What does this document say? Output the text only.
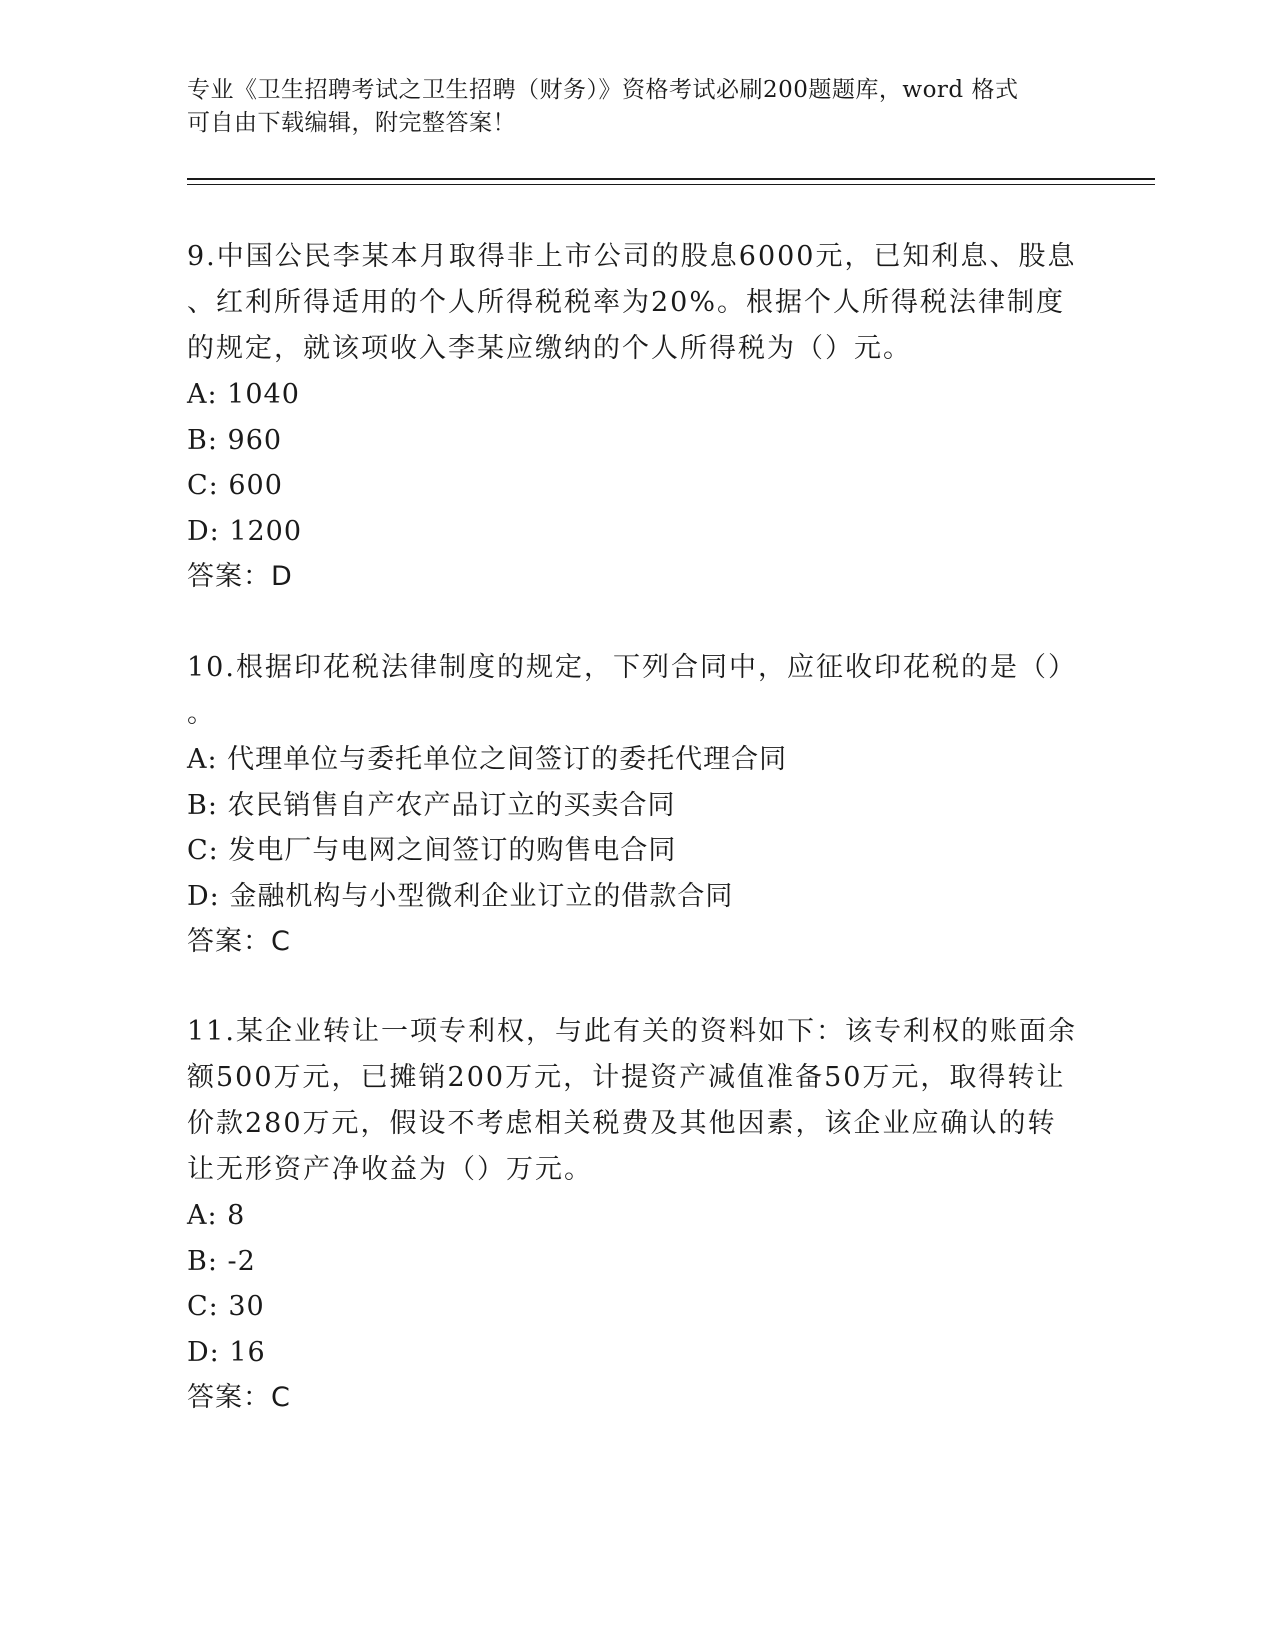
专业《卫生招聘考试之卫生招聘（财务）》资格考试必刷200题题库，word 格式
可自由下载编辑，附完整答案！

9.中国公民李某本月取得非上市公司的股息6000元，已知利息、股息

、红利所得适用的个人所得税税率为20%。根据个人所得税法律制度

的规定，就该项收入李某应缴纳的个人所得税为（）元。

A: 1040

B: 960

C: 600

D: 1200

答案：D

10.根据印花税法律制度的规定，下列合同中，应征收印花税的是（）

。

A: 代理单位与委托单位之间签订的委托代理合同

B: 农民销售自产农产品订立的买卖合同

C: 发电厂与电网之间签订的购售电合同

D: 金融机构与小型微利企业订立的借款合同

答案：C

11.某企业转让一项专利权，与此有关的资料如下：该专利权的账面余

额500万元，已摊销200万元，计提资产减值准备50万元，取得转让

价款280万元，假设不考虑相关税费及其他因素，该企业应确认的转

让无形资产净收益为（）万元。

A: 8

B: -2

C: 30

D: 16

答案：C
